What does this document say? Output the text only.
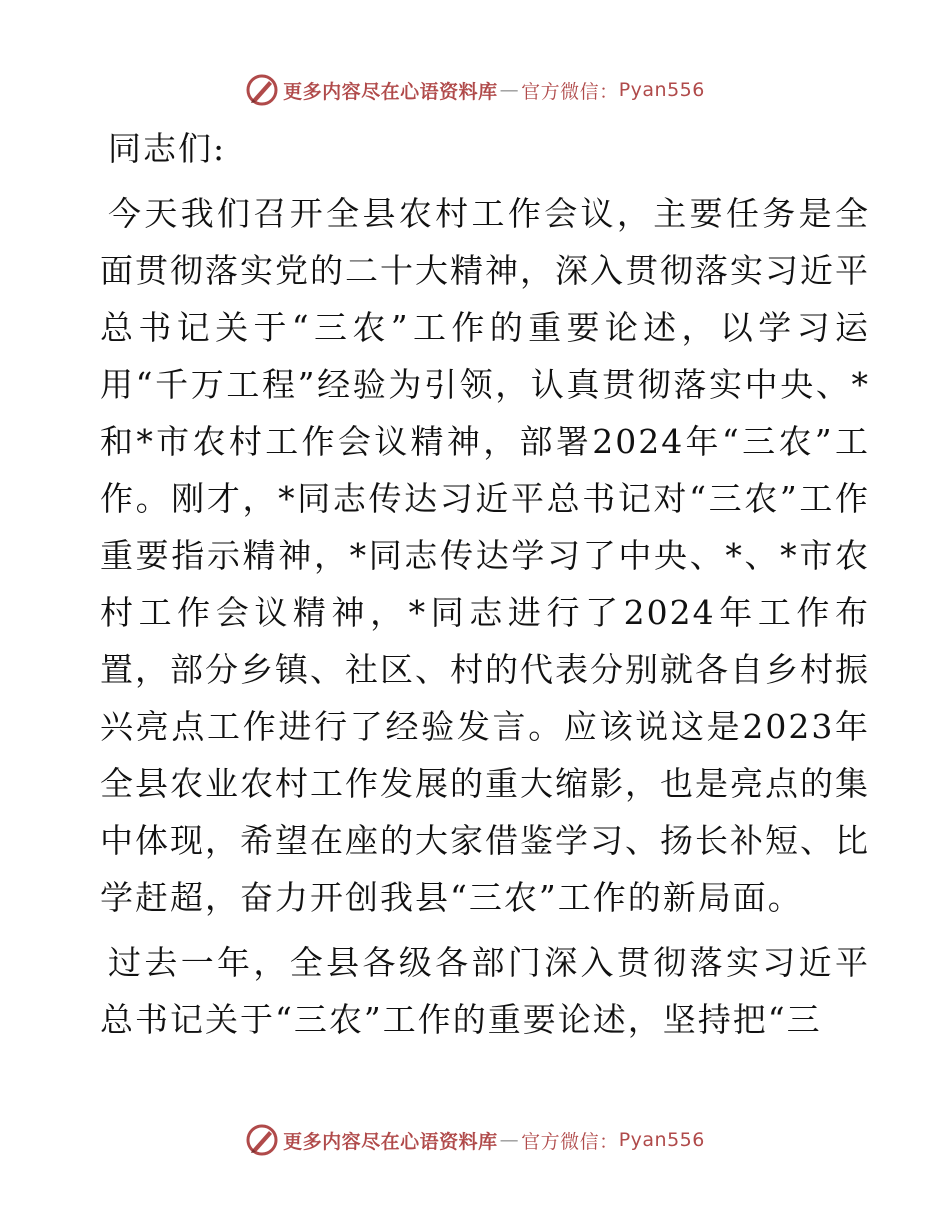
更多内容尽在心语资料库 — 官方微信： Pyan556

同志们:

今天我们召开全县农村工作会议，主要任务是全面贯彻落实党的二十大精神，深入贯彻落实习近平总书记关于“三农”工作的重要论述，以学习运用“千万工程”经验为引领，认真贯彻落实中央、*和*市农村工作会议精神，部署2024年“三农”工作。刚才，*同志传达习近平总书记对“三农”工作重要指示精神，*同志传达学习了中央、*、*市农村工作会议精神，*同志进行了2024年工作布置，部分乡镇、社区、村的代表分别就各自乡村振兴亮点工作进行了经验发言。应该说这是2023年全县农业农村工作发展的重大缩影，也是亮点的集中体现，希望在座的大家借鉴学习、扬长补短、比学赶超，奋力开创我县“三农”工作的新局面。

过去一年，全县各级各部门深入贯彻落实习近平总书记关于“三农”工作的重要论述，坚持把“三

更多内容尽在心语资料库 — 官方微信： Pyan556
